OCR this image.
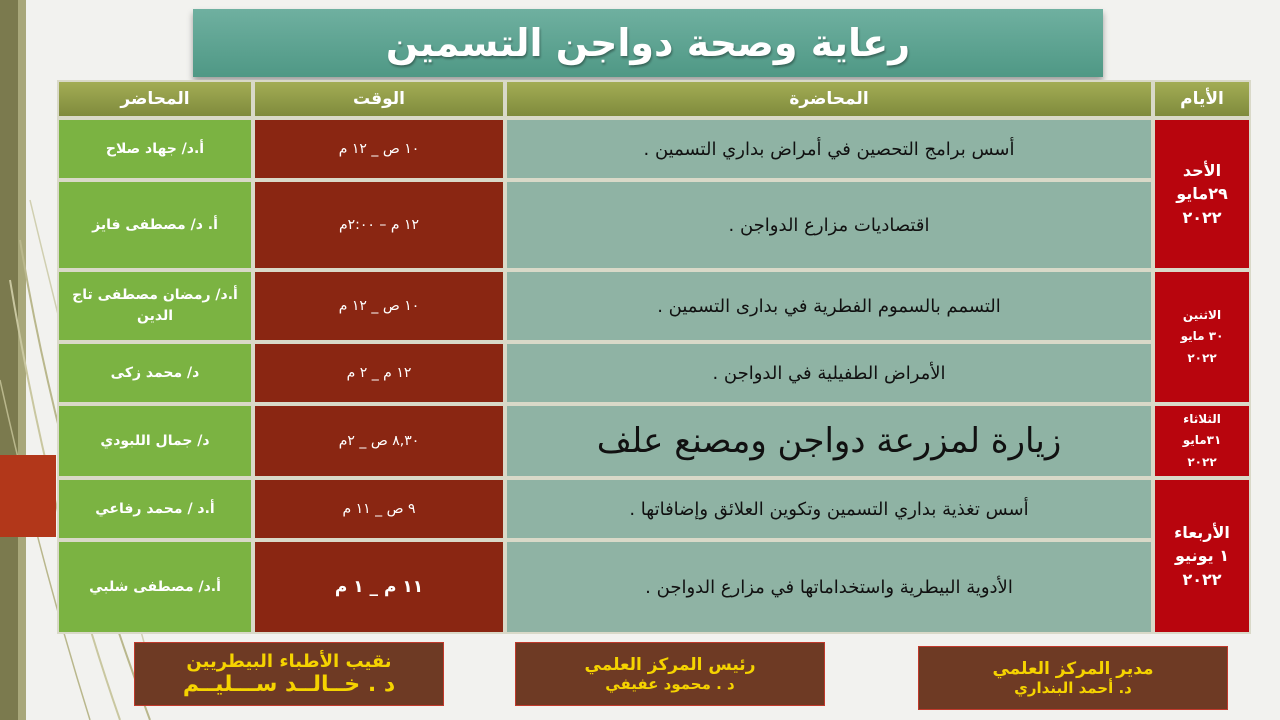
رعاية وصحة دواجن التسمين
الأيام	المحاضرة	الوقت	المحاضر

الأحد
٢٩مايو
٢٠٢٢	أسس برامج التحصين في أمراض بداري التسمين .	١٠ ص _ ١٢ م	أ.د/ جهاد صلاح
	اقتصاديات مزارع الدواجن .	١٢ م – ٢:٠٠م	أ. د/ مصطفى فايز

الاثنين
٣٠ مايو
٢٠٢٢	التسمم بالسموم الفطرية في بدارى التسمين .	١٠ ص _ ١٢ م	أ.د/ رمضان مصطفى تاج الدين
	الأمراض الطفيلية في الدواجن .	١٢ م _ ٢ م	د/ محمد زكى

الثلاثاء
٣١مايو
٢٠٢٢	زيارة لمزرعة دواجن ومصنع علف	٨,٣٠ ص _ ٢م	د/ جمال اللبودي

الأربعاء
١ يونيو
٢٠٢٢	أسس تغذية بداري التسمين وتكوين العلائق وإضافاتها .	٩ ص _ ١١ م	أ.د / محمد رفاعي
	الأدوية البيطرية واستخداماتها في مزارع الدواجن .	١١ م _ ١ م	أ.د/ مصطفى شلبي
نقيب الأطباء البيطريين
د . خــالــد ســـليــم
رئيس المركز العلمي
د . محمود عفيفي
مدير المركز العلمي
د. أحمد البنداري
